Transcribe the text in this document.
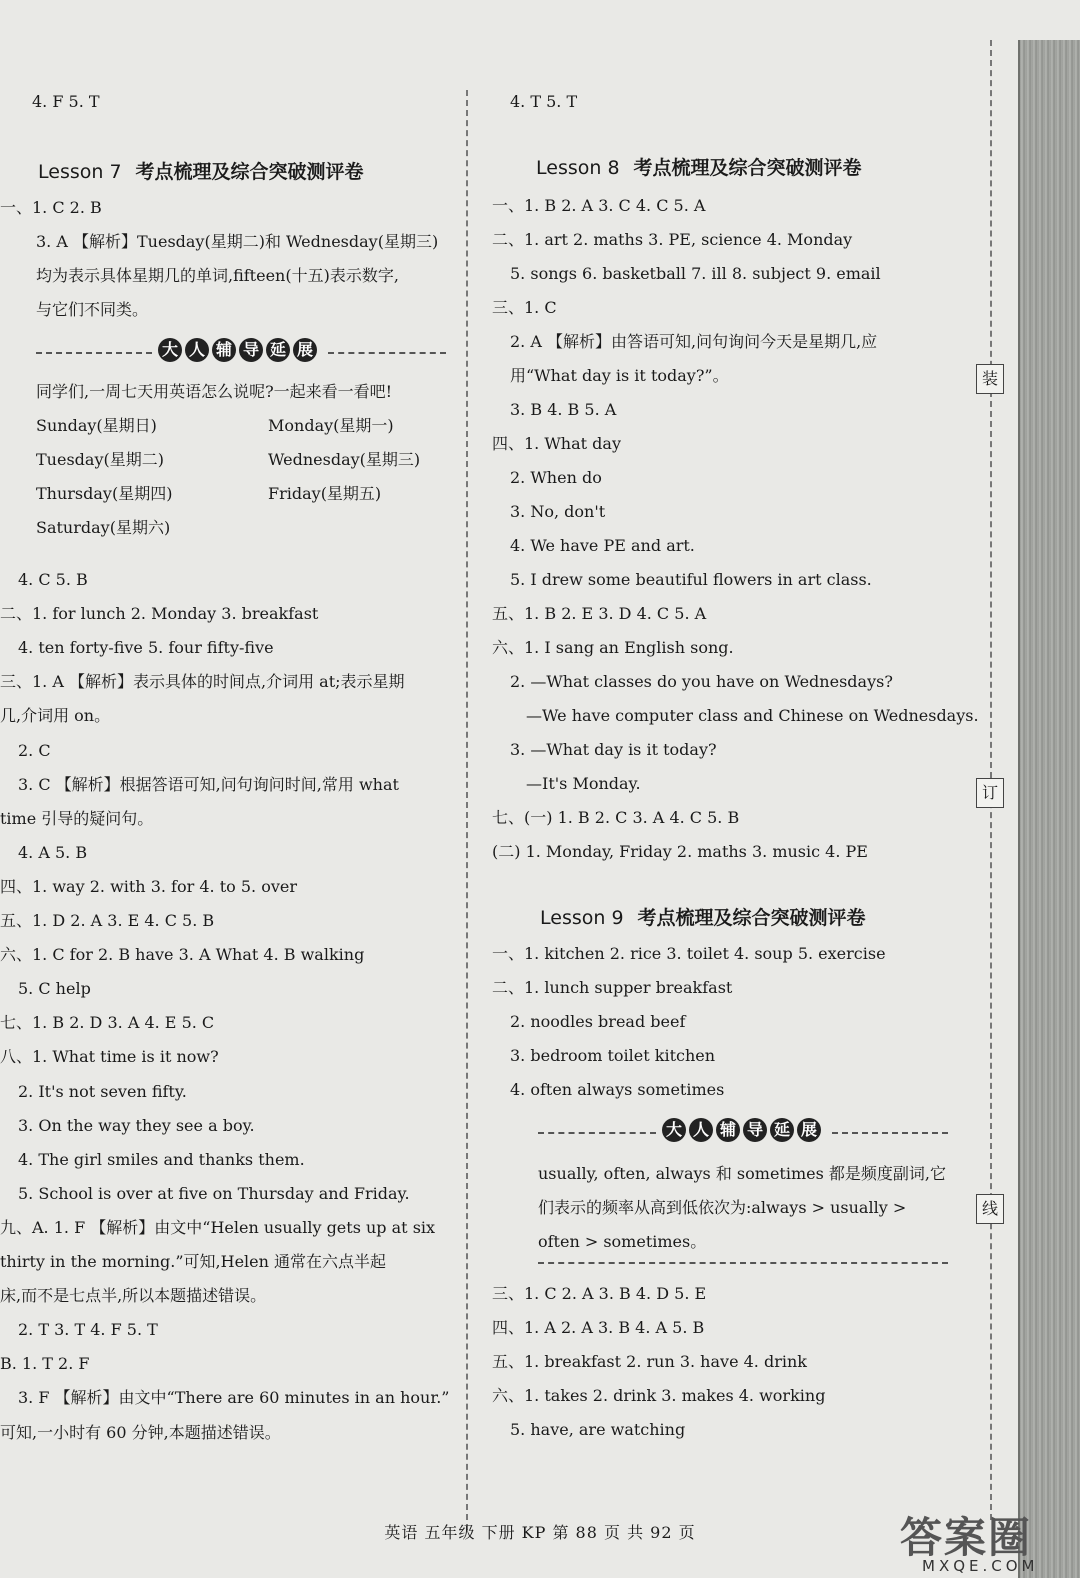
4. F 5. T
Lesson 7 考点梳理及综合突破测评卷
一、1. C 2. B
3. A 【解析】Tuesday(星期二)和 Wednesday(星期三)
均为表示具体星期几的单词,fifteen(十五)表示数字,
与它们不同类。
大 人 辅 导 延 展
同学们,一周七天用英语怎么说呢?一起来看一看吧!
Sunday(星期日)	Monday(星期一)
Tuesday(星期二)	Wednesday(星期三)
Thursday(星期四)	Friday(星期五)
Saturday(星期六)
4. C 5. B
二、1. for lunch 2. Monday 3. breakfast
4. ten forty-five 5. four fifty-five
三、1. A 【解析】表示具体的时间点,介词用 at;表示星期
几,介词用 on。
2. C
3. C 【解析】根据答语可知,问句询问时间,常用 what
time 引导的疑问句。
4. A 5. B
四、1. way 2. with 3. for 4. to 5. over
五、1. D 2. A 3. E 4. C 5. B
六、1. C for 2. B have 3. A What 4. B walking
5. C help
七、1. B 2. D 3. A 4. E 5. C
八、1. What time is it now?
2. It's not seven fifty.
3. On the way they see a boy.
4. The girl smiles and thanks them.
5. School is over at five on Thursday and Friday.
九、A. 1. F 【解析】由文中“Helen usually gets up at six
thirty in the morning.”可知,Helen 通常在六点半起
床,而不是七点半,所以本题描述错误。
2. T 3. T 4. F 5. T
B. 1. T 2. F
3. F 【解析】由文中“There are 60 minutes in an hour.”
可知,一小时有 60 分钟,本题描述错误。
4. T 5. T
Lesson 8 考点梳理及综合突破测评卷
一、1. B 2. A 3. C 4. C 5. A
二、1. art 2. maths 3. PE, science 4. Monday
5. songs 6. basketball 7. ill 8. subject 9. email
三、1. C
2. A 【解析】由答语可知,问句询问今天是星期几,应
用“What day is it today?”。
3. B 4. B 5. A
四、1. What day
2. When do
3. No, don't
4. We have PE and art.
5. I drew some beautiful flowers in art class.
五、1. B 2. E 3. D 4. C 5. A
六、1. I sang an English song.
2. —What classes do you have on Wednesdays?
—We have computer class and Chinese on Wednesdays.
3. —What day is it today?
—It's Monday.
七、(一) 1. B 2. C 3. A 4. C 5. B
(二) 1. Monday, Friday 2. maths 3. music 4. PE
Lesson 9 考点梳理及综合突破测评卷
一、1. kitchen 2. rice 3. toilet 4. soup 5. exercise
二、1. lunch supper breakfast
2. noodles bread beef
3. bedroom toilet kitchen
4. often always sometimes
大 人 辅 导 延 展
usually, often, always 和 sometimes 都是频度副词,它
们表示的频率从高到低依次为:always > usually >
often > sometimes。
三、1. C 2. A 3. B 4. D 5. E
四、1. A 2. A 3. B 4. A 5. B
五、1. breakfast 2. run 3. have 4. drink
六、1. takes 2. drink 3. makes 4. working
5. have, are watching
装
订
线
英语 五年级 下册 KP 第 88 页 共 92 页	答案圈
MXQE.COM
